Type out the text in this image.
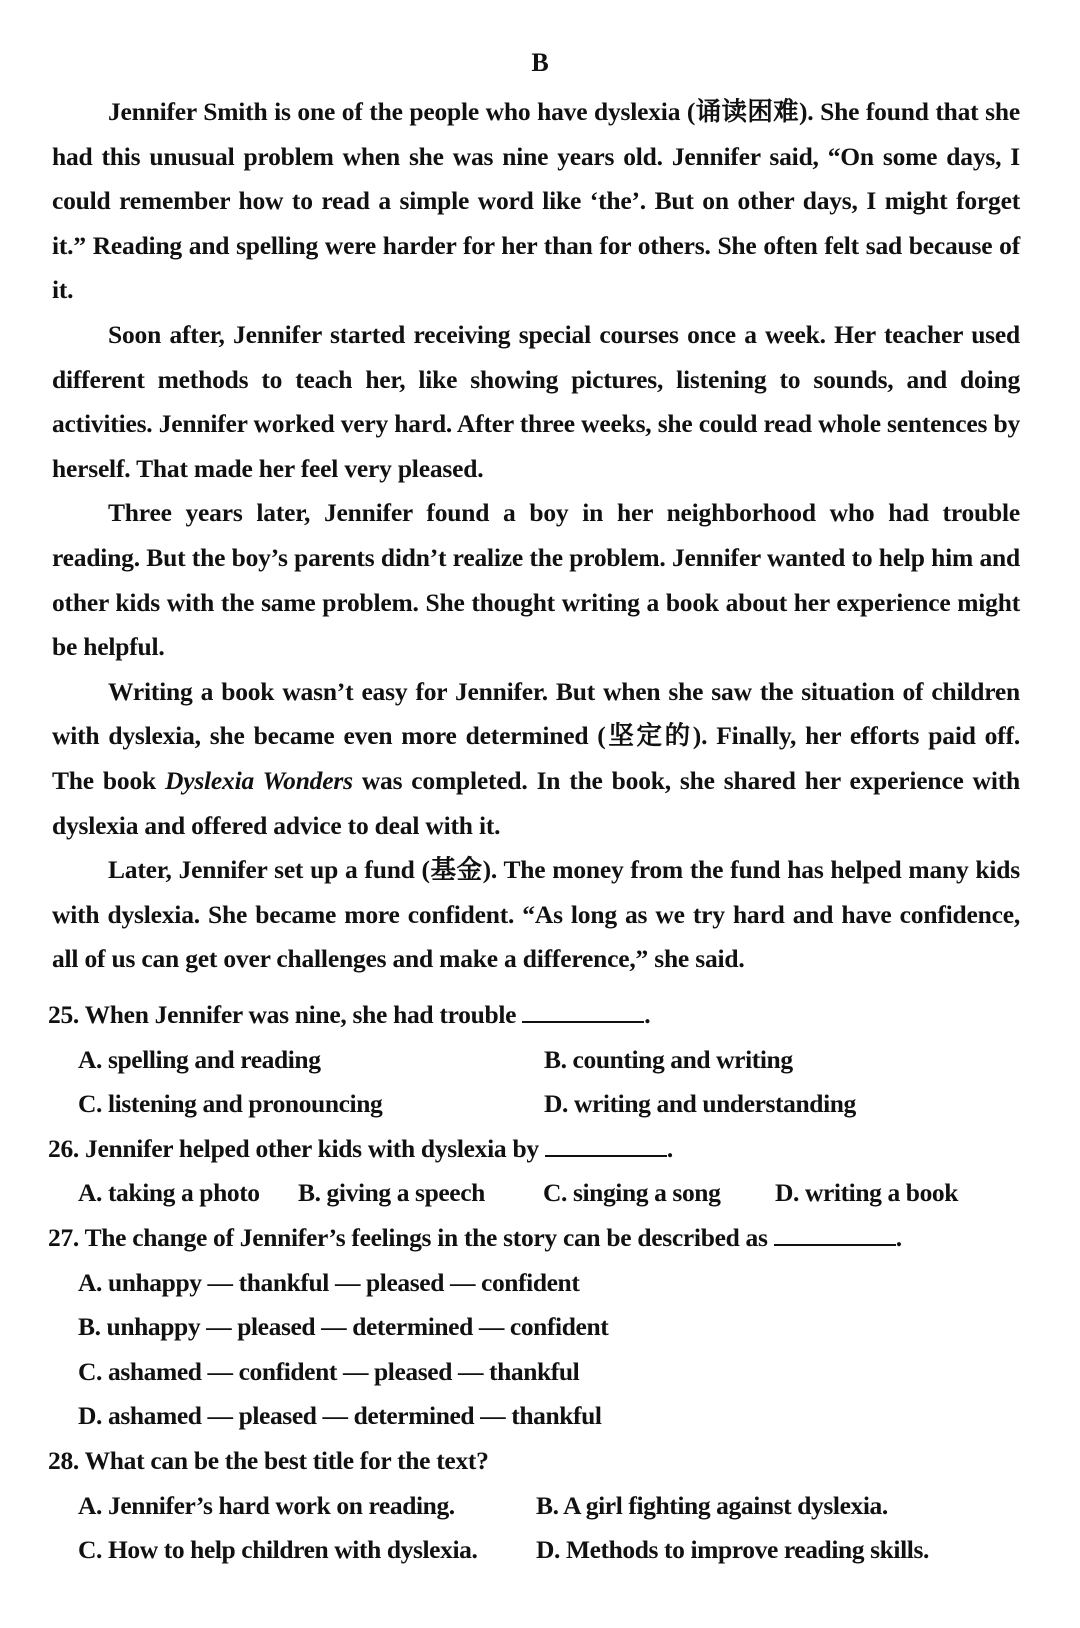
B

Jennifer Smith is one of the people who have dyslexia (诵读困难). She found that she had this unusual problem when she was nine years old. Jennifer said, “On some days, I could remember how to read a simple word like ‘the’. But on other days, I might forget it.” Reading and spelling were harder for her than for others. She often felt sad because of it.

Soon after, Jennifer started receiving special courses once a week. Her teacher used different methods to teach her, like showing pictures, listening to sounds, and doing activities. Jennifer worked very hard. After three weeks, she could read whole sentences by herself. That made her feel very pleased.

Three years later, Jennifer found a boy in her neighborhood who had trouble reading. But the boy’s parents didn’t realize the problem. Jennifer wanted to help him and other kids with the same problem. She thought writing a book about her experience might be helpful.

Writing a book wasn’t easy for Jennifer. But when she saw the situation of children with dyslexia, she became even more determined (坚定的). Finally, her efforts paid off. The book Dyslexia Wonders was completed. In the book, she shared her experience with dyslexia and offered advice to deal with it.

Later, Jennifer set up a fund (基金). The money from the fund has helped many kids with dyslexia. She became more confident. “As long as we try hard and have confidence, all of us can get over challenges and make a difference,” she said.

25. When Jennifer was nine, she had trouble	.
A. spelling and reading	B. counting and writing
C. listening and pronouncing	D. writing and understanding
26. Jennifer helped other kids with dyslexia by	.
A. taking a photo B. giving a speech C. singing a song D. writing a book
27. The change of Jennifer’s feelings in the story can be described as	.
A. unhappy — thankful — pleased — confident
B. unhappy — pleased — determined — confident
C. ashamed — confident — pleased — thankful
D. ashamed — pleased — determined — thankful
28. What can be the best title for the text?
A. Jennifer’s hard work on reading.	B. A girl fighting against dyslexia.
C. How to help children with dyslexia. D. Methods to improve reading skills.
